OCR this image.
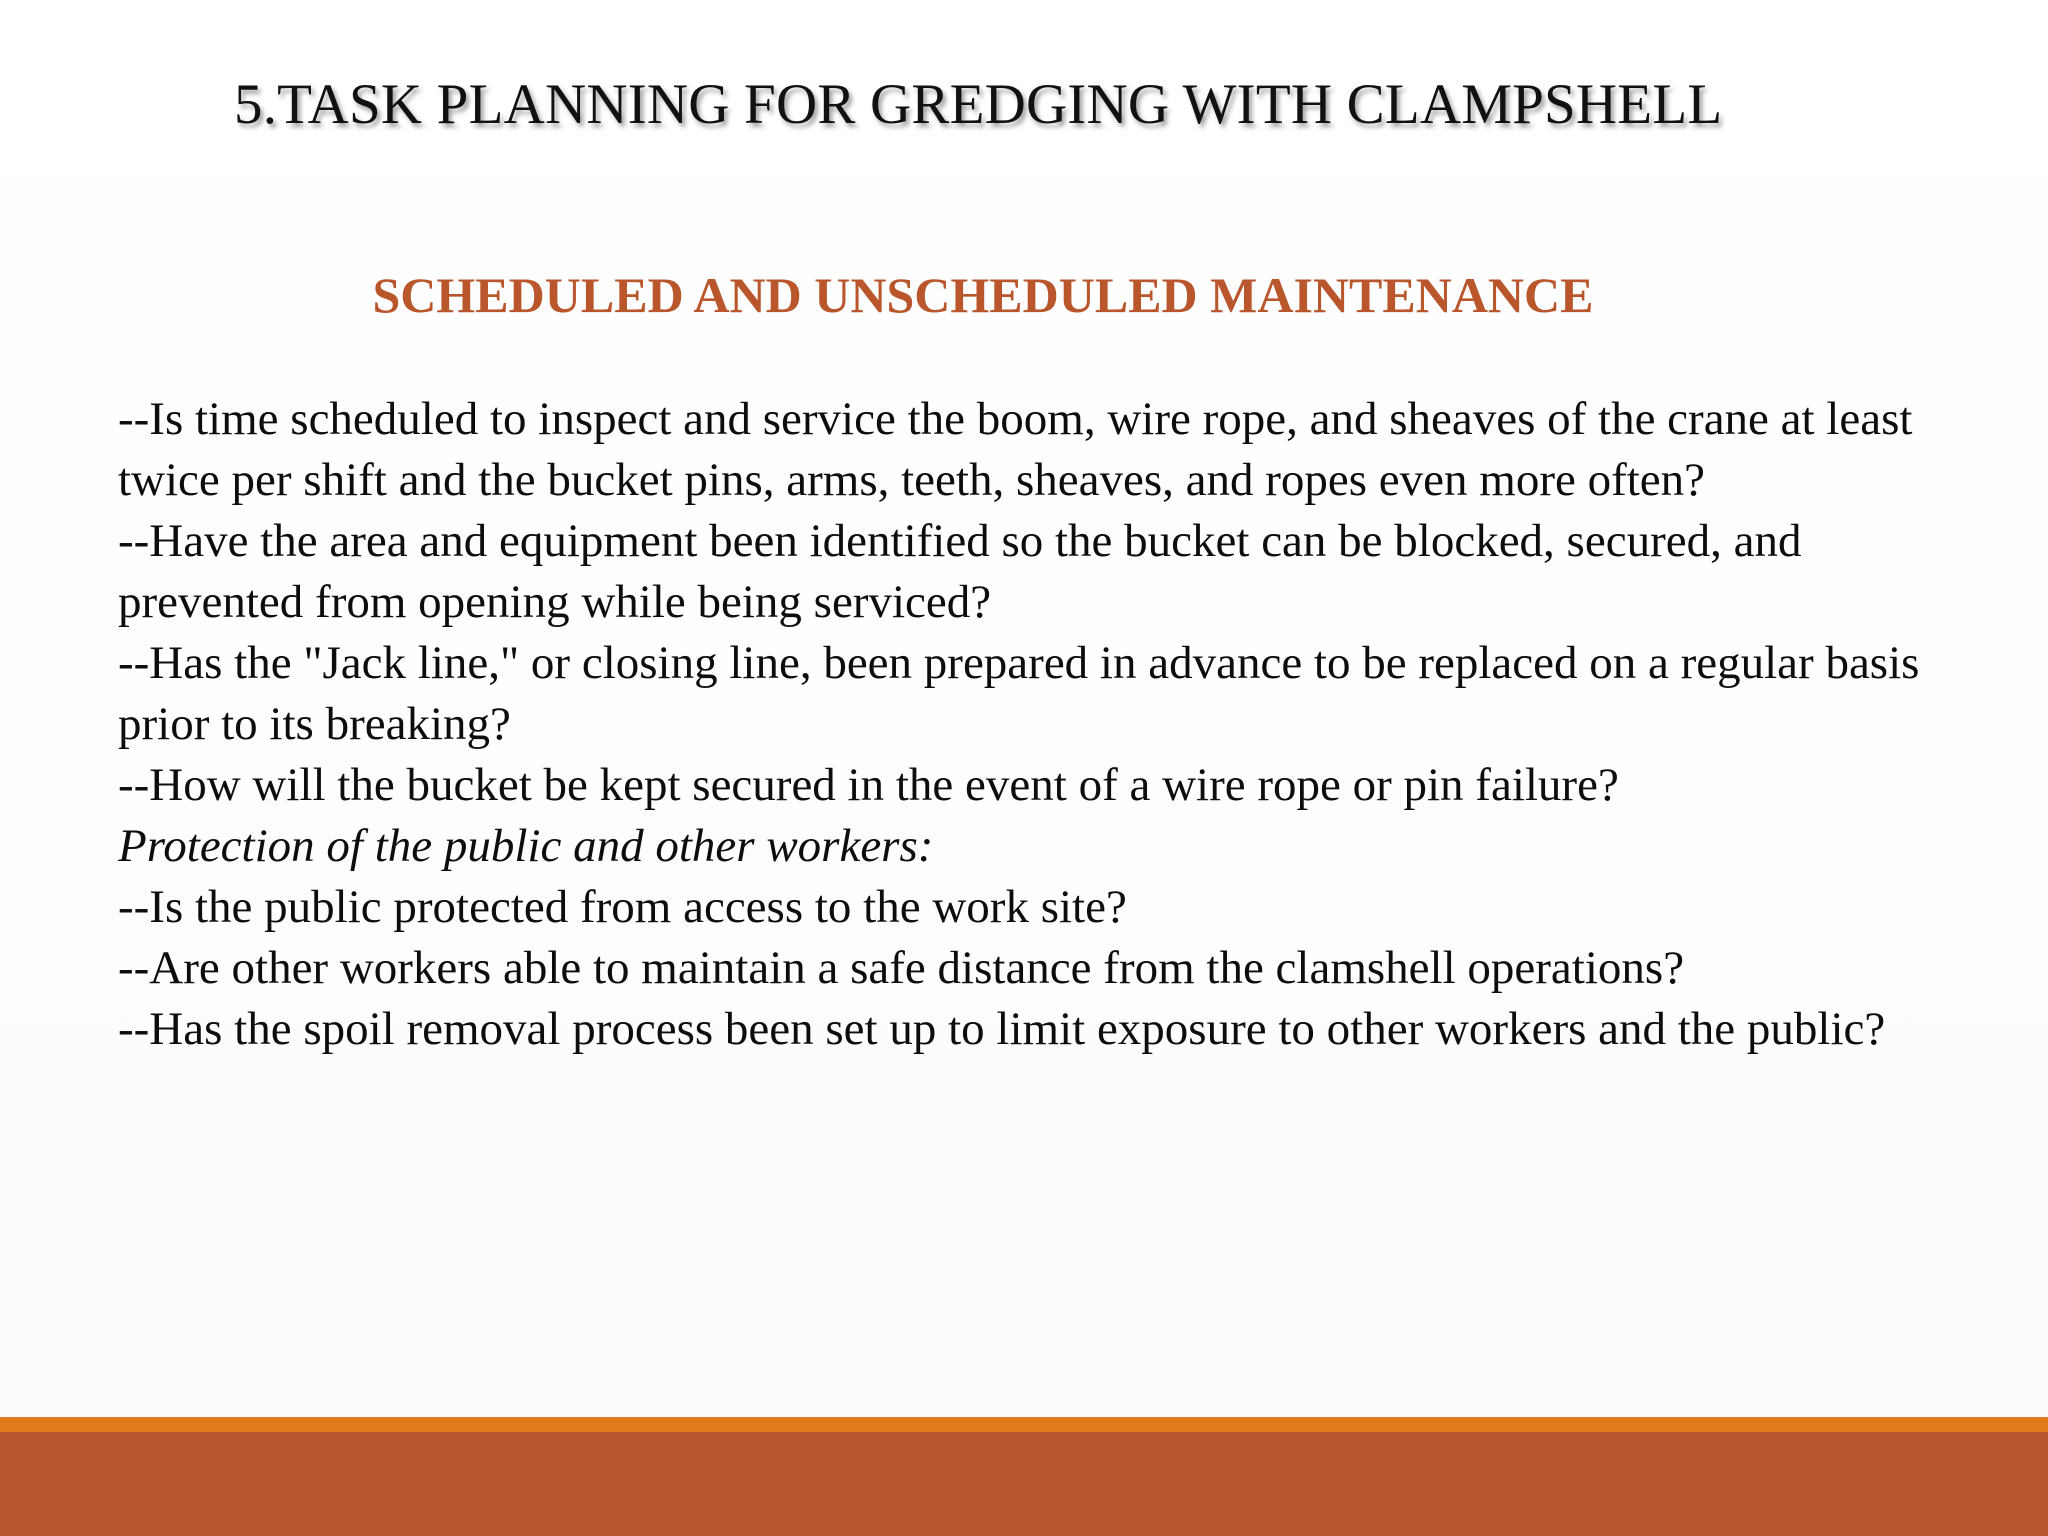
5.TASK PLANNING FOR GREDGING WITH CLAMPSHELL
SCHEDULED AND UNSCHEDULED MAINTENANCE
--Is time scheduled to inspect and service the boom, wire rope, and sheaves of the crane at least twice per shift and the bucket pins, arms, teeth, sheaves, and ropes even more often?
--Have the area and equipment been identified so the bucket can be blocked, secured, and prevented from opening while being serviced?
--Has the "Jack line," or closing line, been prepared in advance to be replaced on a regular basis prior to its breaking?
--How will the bucket be kept secured in the event of a wire rope or pin failure?
Protection of the public and other workers:
--Is the public protected from access to the work site?
--Are other workers able to maintain a safe distance from the clamshell operations?
--Has the spoil removal process been set up to limit exposure to other workers and the public?
